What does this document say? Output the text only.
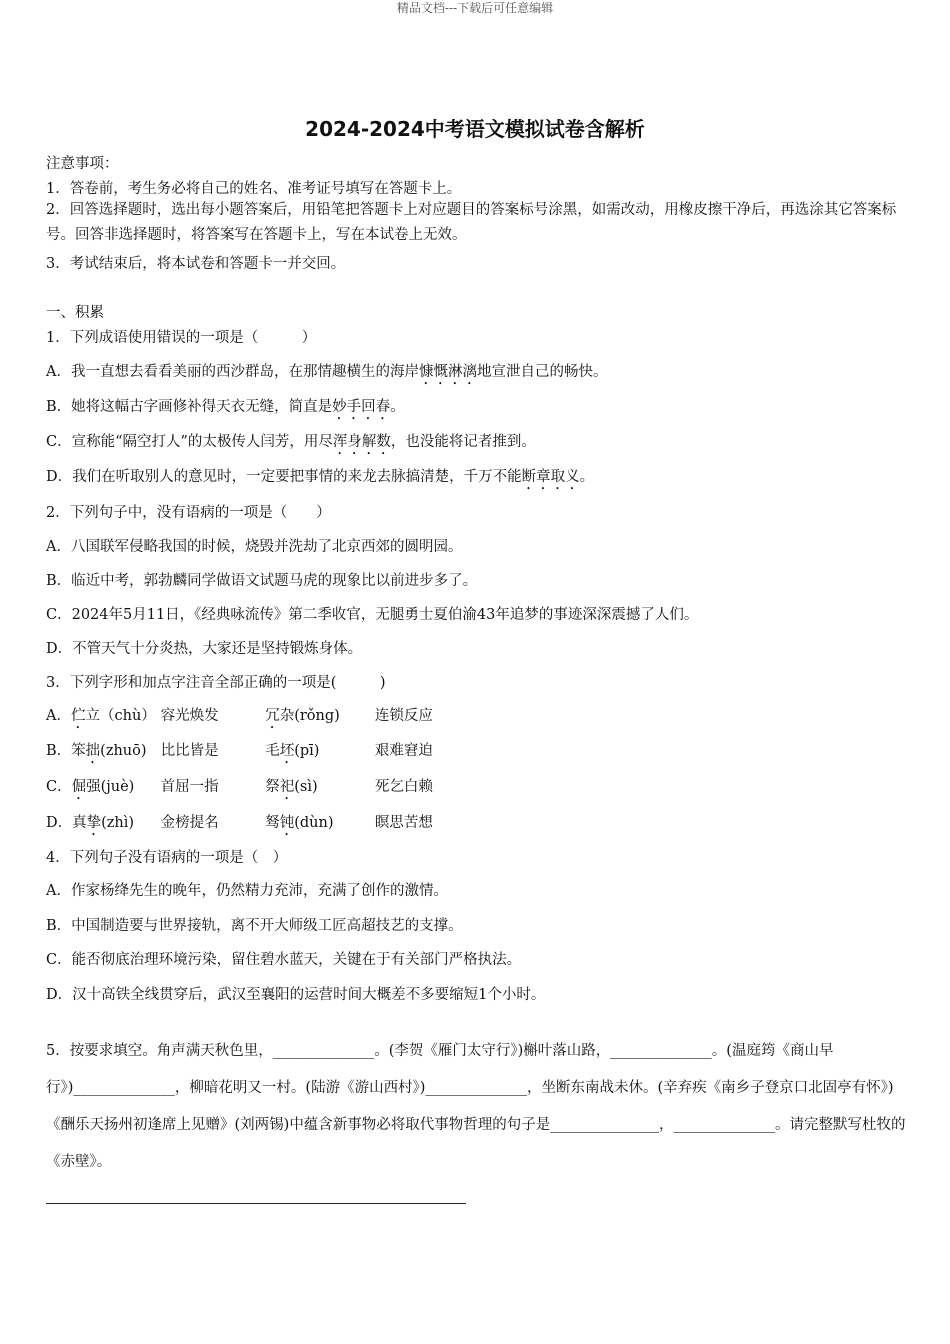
精品文档---下载后可任意编辑
2024-2024中考语文模拟试卷含解析
注意事项：
1．答卷前，考生务必将自己的姓名、准考证号填写在答题卡上。
2．回答选择题时，选出每小题答案后，用铅笔把答题卡上对应题目的答案标号涂黑，如需改动，用橡皮擦干净后，再选涂其它答案标号。回答非选择题时，将答案写在答题卡上，写在本试卷上无效。
3．考试结束后，将本试卷和答题卡一并交回。
一、积累
1．下列成语使用错误的一项是（　　　）
A．我一直想去看看美丽的西沙群岛，在那情趣横生的海岸慷慨淋漓地宣泄自己的畅快。
B．她将这幅古字画修补得天衣无缝，简直是妙手回春。
C．宣称能“隔空打人”的太极传人闫芳，用尽浑身解数，也没能将记者推到。
D．我们在听取别人的意见时，一定要把事情的来龙去脉搞清楚，千万不能断章取义。
2．下列句子中，没有语病的一项是（　　）
A．八国联军侵略我国的时候，烧毁并洗劫了北京西郊的圆明园。
B．临近中考，郭勃麟同学做语文试题马虎的现象比以前进步多了。
C．2024年5月11日，《经典咏流传》第二季收官，无腿勇士夏伯渝43年追梦的事迹深深震撼了人们。
D．不管天气十分炎热，大家还是坚持锻炼身体。
3．下列字形和加点字注音全部正确的一项是(　　　)
A．伫立（chù） 容光焕发	冗杂(rǒng) 连锁反应
B．笨拙(zhuō) 比比皆是	毛坯(pī)	艰难窘迫
C．倔强(juè) 首屈一指	祭祀(sì)	死乞白赖
D．真挚(zhì) 金榜提名	驽钝(dùn)	瞑思苦想
4．下列句子没有语病的一项是（　）
A．作家杨绛先生的晚年，仍然精力充沛，充满了创作的激情。
B．中国制造要与世界接轨，离不开大师级工匠高超技艺的支撑。
C．能否彻底治理环境污染，留住碧水蓝天，关键在于有关部门严格执法。
D．汉十高铁全线贯穿后，武汉至襄阳的运营时间大概差不多要缩短1个小时。
5．按要求填空。角声满天秋色里，______________。(李贺《雁门太守行》)槲叶落山路，______________。(温庭筠《商山早行》)______________，柳暗花明又一村。(陆游《游山西村》)______________，坐断东南战未休。(辛弃疾《南乡子登京口北固亭有怀》)《酬乐天扬州初逢席上见赠》(刘两锡)中蕴含新事物必将取代事物哲理的句子是_______________，______________。请完整默写杜牧的《赤壁》。
